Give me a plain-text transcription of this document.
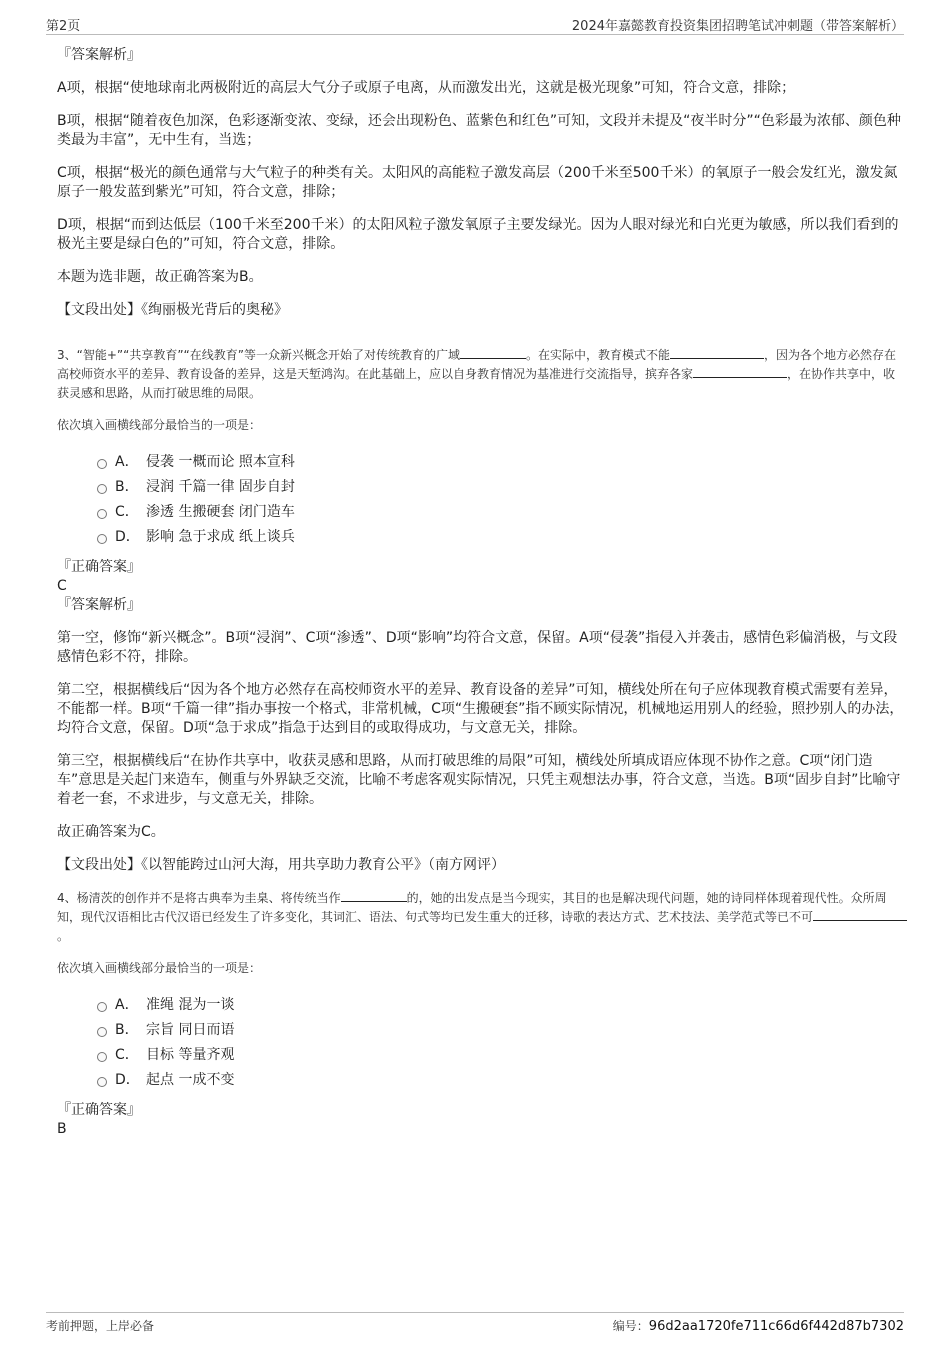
第2页	2024年嘉懿教育投资集团招聘笔试冲刺题（带答案解析）

『答案解析』

A项，根据“使地球南北两极附近的高层大气分子或原子电离，从而激发出光，这就是极光现象”可知，符合文意，排除；

B项，根据“随着夜色加深，色彩逐渐变浓、变绿，还会出现粉色、蓝紫色和红色”可知，文段并未提及“夜半时分”“色彩最为浓郁、颜色种类最为丰富”，无中生有，当选；

C项，根据“极光的颜色通常与大气粒子的种类有关。太阳风的高能粒子激发高层（200千米至500千米）的氧原子一般会发红光，激发氮原子一般发蓝到紫光”可知，符合文意，排除；

D项，根据“而到达低层（100千米至200千米）的太阳风粒子激发氧原子主要发绿光。因为人眼对绿光和白光更为敏感，所以我们看到的极光主要是绿白色的”可知，符合文意，排除。

本题为选非题，故正确答案为B。

【文段出处】《绚丽极光背后的奥秘》

3、“智能+”“共享教育”“在线教育”等一众新兴概念开始了对传统教育的广域	。在实际中，教育模式不能	，因为各个地方必然存在高校师资水平的差异、教育设备的差异，这是天堑鸿沟。在此基础上，应以自身教育情况为基准进行交流指导，摈弃各家	，在协作共享中，收获灵感和思路，从而打破思维的局限。

依次填入画横线部分最恰当的一项是：

A． 侵袭 一概而论 照本宣科
B． 浸润 千篇一律 固步自封
C． 渗透 生搬硬套 闭门造车
D． 影响 急于求成 纸上谈兵

『正确答案』

C

『答案解析』

第一空，修饰“新兴概念”。B项“浸润”、C项“渗透”、D项“影响”均符合文意，保留。A项“侵袭”指侵入并袭击，感情色彩偏消极，与文段感情色彩不符，排除。

第二空，根据横线后“因为各个地方必然存在高校师资水平的差异、教育设备的差异”可知，横线处所在句子应体现教育模式需要有差异，不能都一样。B项“千篇一律”指办事按一个格式，非常机械，C项“生搬硬套”指不顾实际情况，机械地运用别人的经验，照抄别人的办法，均符合文意，保留。D项“急于求成”指急于达到目的或取得成功，与文意无关，排除。

第三空，根据横线后“在协作共享中，收获灵感和思路，从而打破思维的局限”可知，横线处所填成语应体现不协作之意。C项“闭门造车”意思是关起门来造车，侧重与外界缺乏交流，比喻不考虑客观实际情况，只凭主观想法办事，符合文意，当选。B项“固步自封”比喻守着老一套，不求进步，与文意无关，排除。

故正确答案为C。

【文段出处】《以智能跨过山河大海，用共享助力教育公平》（南方网评）

4、杨清茨的创作并不是将古典奉为圭臬、将传统当作	的，她的出发点是当今现实，其目的也是解决现代问题，她的诗同样体现着现代性。众所周知，现代汉语相比古代汉语已经发生了许多变化，其词汇、语法、句式等均已发生重大的迁移，诗歌的表达方式、艺术技法、美学范式等已不可。

依次填入画横线部分最恰当的一项是：

A． 准绳 混为一谈
B． 宗旨 同日而语
C． 目标 等量齐观
D． 起点 一成不变

『正确答案』

B

考前押题，上岸必备	编号：96d2aa1720fe711c66d6f442d87b7302
